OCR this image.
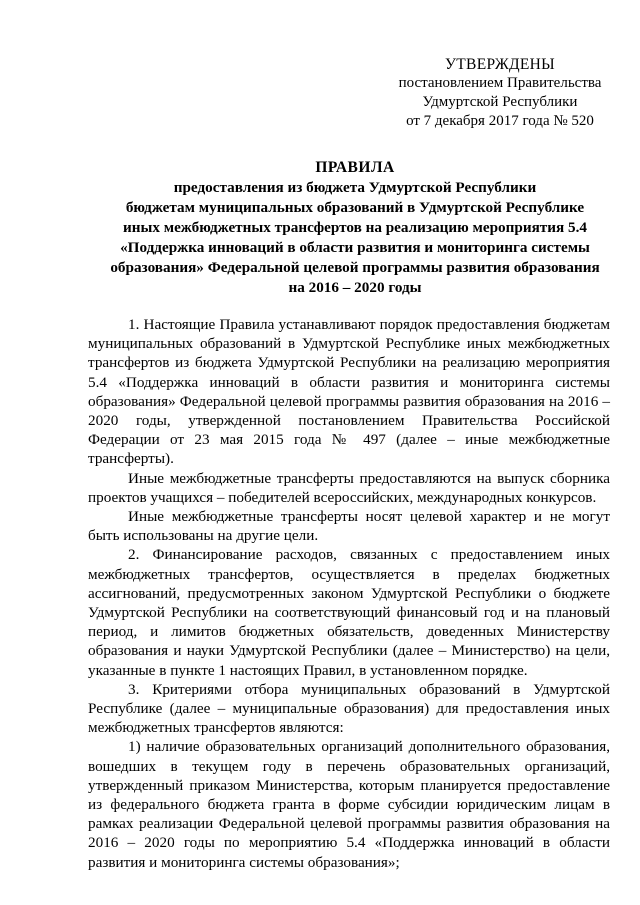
УТВЕРЖДЕНЫ
постановлением Правительства
Удмуртской Республики
от 7 декабря 2017 года № 520
ПРАВИЛА
предоставления из бюджета Удмуртской Республики
бюджетам муниципальных образований в Удмуртской Республике
иных межбюджетных трансфертов на реализацию мероприятия 5.4
«Поддержка инноваций в области развития и мониторинга системы
образования» Федеральной целевой программы развития образования
на 2016 – 2020 годы

1. Настоящие Правила устанавливают порядок предоставления бюджетам муниципальных образований в Удмуртской Республике иных межбюджетных трансфертов из бюджета Удмуртской Республики на реализацию мероприятия 5.4 «Поддержка инноваций в области развития и мониторинга системы образования» Федеральной целевой программы развития образования на 2016 – 2020 годы, утвержденной постановлением Правительства Российской Федерации от 23 мая 2015 года № 497 (далее – иные межбюджетные трансферты).

Иные межбюджетные трансферты предоставляются на выпуск сборника проектов учащихся – победителей всероссийских, международных конкурсов.

Иные межбюджетные трансферты носят целевой характер и не могут быть использованы на другие цели.

2. Финансирование расходов, связанных с предоставлением иных межбюджетных трансфертов, осуществляется в пределах бюджетных ассигнований, предусмотренных законом Удмуртской Республики о бюджете Удмуртской Республики на соответствующий финансовый год и на плановый период, и лимитов бюджетных обязательств, доведенных Министерству образования и науки Удмуртской Республики (далее – Министерство) на цели, указанные в пункте 1 настоящих Правил, в установленном порядке.

3. Критериями отбора муниципальных образований в Удмуртской Республике (далее – муниципальные образования) для предоставления иных межбюджетных трансфертов являются:

1) наличие образовательных организаций дополнительного образования, вошедших в текущем году в перечень образовательных организаций, утвержденный приказом Министерства, которым планируется предоставление из федерального бюджета гранта в форме субсидии юридическим лицам в рамках реализации Федеральной целевой программы развития образования на 2016 – 2020 годы по мероприятию 5.4 «Поддержка инноваций в области развития и мониторинга системы образования»;
